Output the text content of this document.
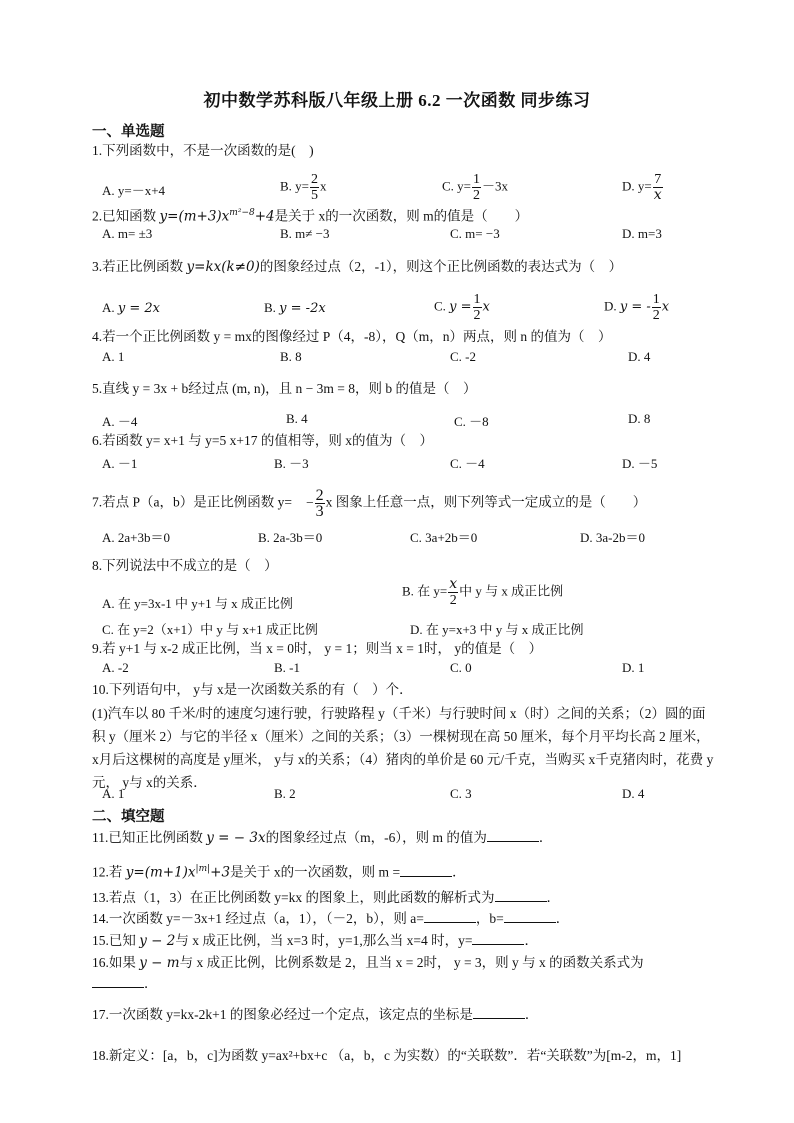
初中数学苏科版八年级上册 6.2 一次函数 同步练习
一、单选题
1.下列函数中，不是一次函数的是(　)
A. y=－x+4	B. $y= \frac{2}{5}$ x	C. $y= \frac{1}{2} -3x$	D. $y= \frac{7}{x}$
2.已知函数 $y=(m+3)x^{m^2-8}+4$是关于 x的一次函数，则 m的值是（　　）
A. m= ±3	B. m≠ −3	C. m= −3	D. m=3
3.若正比例函数 y=kx(k≠0)的图象经过点（2，-1），则这个正比例函数的表达式为（　）
A. y = 2x	B. y = -2x	C. $y = \frac{1}{2}$ x	D. y = - $\frac{1}{2}$ x
4.若一个正比例函数 y = mx的图像经过 P（4，-8），Q（m，n）两点，则 n 的值为（　）
A. 1	B. 8	C. -2	D. 4
5.直线 y = 3x + b经过点 (m, n)，且 n − 3m = 8，则 b 的值是（　）
A. －4	B. 4	C. －8	D. 8
6.若函数 y= x+1 与 y=5 x+17 的值相等，则 x的值为（　）
A. －1	B. －3	C. －4	D. －5
7.若点 P（a，b）是正比例函数 $y= - \frac{2}{3}$ x 图象上任意一点，则下列等式一定成立的是（　　）
A. 2a+3b＝0	B. 2a-3b＝0	C. 3a+2b＝0	D. 3a-2b＝0
8.下列说法中不成立的是（　）
A. 在 y=3x-1 中 y+1 与 x 成正比例
B. 在 $y= \frac{x}{2}$ 中 y 与 x 成正比例
C. 在 y=2（x+1）中 y 与 x+1 成正比例	D. 在 y=x+3 中 y 与 x 成正比例
9.若 y+1 与 x-2 成正比例，当 x = 0时， y = 1；则当 x = 1时， y的值是（　）
A. -2	B. -1	C. 0	D. 1
10.下列语句中， y与 x是一次函数关系的有（　）个．
(1)汽车以 80 千米/时的速度匀速行驶，行驶路程 y（千米）与行驶时间 x（时）之间的关系；（2）圆的面积 y（厘米 2）与它的半径 x（厘米）之间的关系；（3）一棵树现在高 50 厘米，每个月平均长高 2 厘米， x月后这棵树的高度是 y厘米， y与 x的关系；（4）猪肉的单价是 60 元/千克，当购买 x千克猪肉时，花费 y元， y与 x的关系．
A. 1	B. 2	C. 3	D. 4
二、填空题
11.已知正比例函数 y = − 3x的图象经过点（m，-6），则 m 的值为	．
12.若 $y=(m+1)x^{|m|}+3$是关于 x的一次函数，则 m =	．
13.若点（1，3）在正比例函数 y=kx 的图象上，则此函数的解析式为	．
14.一次函数 y=－3x+1 经过点（a，1），（－2，b），则 a=	，b=	．
15.已知 y − 2与 x 成正比例，当 x=3 时，y=1,那么当 x=4 时，y=	．
16.如果 y − m与 x 成正比例，比例系数是 2，且当 x = 2时， y = 3，则 y 与 x 的函数关系式为
．
17.一次函数 y=kx-2k+1 的图象必经过一个定点，该定点的坐标是	．
18.新定义：[a，b，c]为函数 y=ax²+bx+c （a，b，c 为实数）的“关联数”．若“关联数”为[m-2，m，1]
